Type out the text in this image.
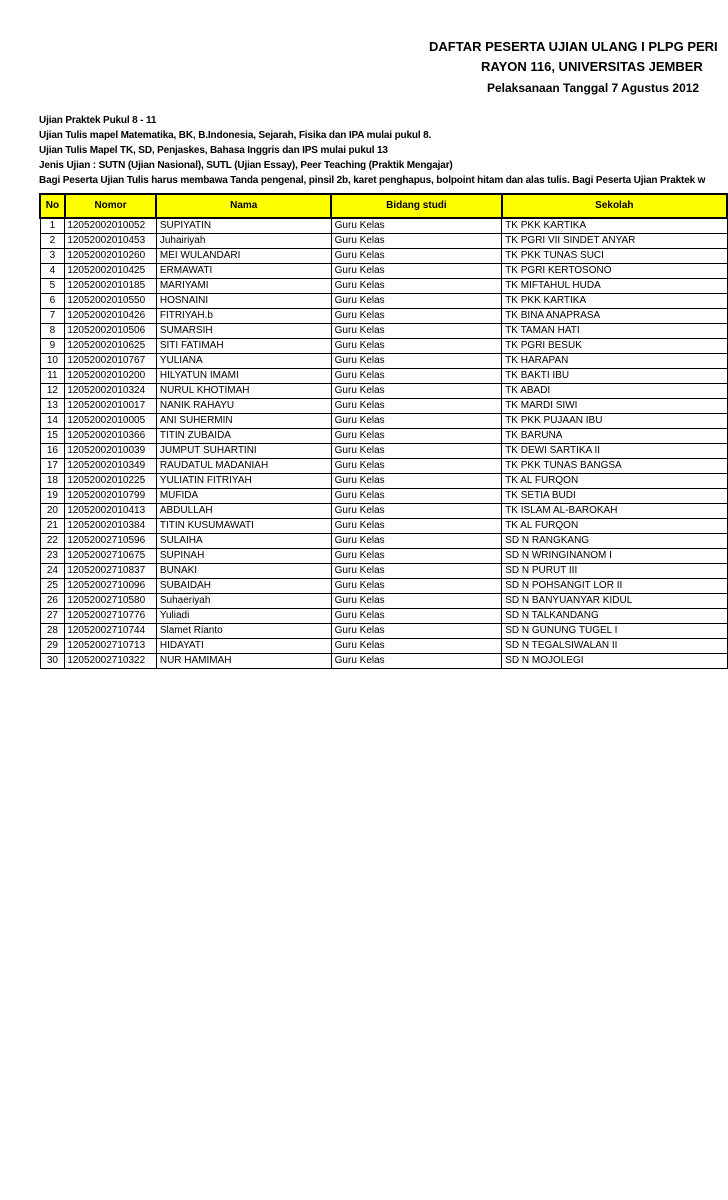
DAFTAR PESERTA UJIAN ULANG I PLPG PERI
RAYON 116, UNIVERSITAS JEMBER
Pelaksanaan Tanggal 7 Agustus 2012
Ujian Praktek Pukul 8 - 11
Ujian Tulis mapel Matematika, BK, B.Indonesia, Sejarah, Fisika dan IPA mulai pukul 8.
Ujian Tulis Mapel TK, SD, Penjaskes, Bahasa Inggris dan IPS mulai pukul 13
Jenis Ujian : SUTN (Ujian Nasional), SUTL (Ujian Essay), Peer Teaching (Praktik Mengajar)
Bagi Peserta Ujian Tulis harus membawa Tanda pengenal, pinsil 2b, karet penghapus, bolpoint hitam dan alas tulis. Bagi Peserta Ujian Praktek w
No	Nomor	Nama	Bidang studi	Sekolah
1	12052002010052	SUPIYATIN	Guru Kelas	TK PKK KARTIKA
2	12052002010453	Juhairiyah	Guru Kelas	TK PGRI VII SINDET ANYAR
3	12052002010260	MEI WULANDARI	Guru Kelas	TK PKK TUNAS SUCI
4	12052002010425	ERMAWATI	Guru Kelas	TK PGRI KERTOSONO
5	12052002010185	MARIYAMI	Guru Kelas	TK MIFTAHUL HUDA
6	12052002010550	HOSNAINI	Guru Kelas	TK PKK KARTIKA
7	12052002010426	FITRIYAH.b	Guru Kelas	TK BINA ANAPRASA
8	12052002010506	SUMARSIH	Guru Kelas	TK TAMAN HATI
9	12052002010625	SITI FATIMAH	Guru Kelas	TK PGRI BESUK
10	12052002010767	YULIANA	Guru Kelas	TK HARAPAN
11	12052002010200	HILYATUN IMAMI	Guru Kelas	TK BAKTI IBU
12	12052002010324	NURUL KHOTIMAH	Guru Kelas	TK ABADI
13	12052002010017	NANIK RAHAYU	Guru Kelas	TK MARDI SIWI
14	12052002010005	ANI SUHERMIN	Guru Kelas	TK PKK PUJAAN IBU
15	12052002010366	TITIN ZUBAIDA	Guru Kelas	TK BARUNA
16	12052002010039	JUMPUT SUHARTINI	Guru Kelas	TK DEWI SARTIKA II
17	12052002010349	RAUDATUL MADANIAH	Guru Kelas	TK PKK TUNAS BANGSA
18	12052002010225	YULIATIN FITRIYAH	Guru Kelas	TK AL FURQON
19	12052002010799	MUFIDA	Guru Kelas	TK SETIA BUDI
20	12052002010413	ABDULLAH	Guru Kelas	TK ISLAM AL-BAROKAH
21	12052002010384	TITIN KUSUMAWATI	Guru Kelas	TK AL FURQON
22	12052002710596	SULAIHA	Guru Kelas	SD N RANGKANG
23	12052002710675	SUPINAH	Guru Kelas	SD N WRINGINANOM I
24	12052002710837	BUNAKI	Guru Kelas	SD N PURUT III
25	12052002710096	SUBAIDAH	Guru Kelas	SD N POHSANGIT LOR II
26	12052002710580	Suhaeriyah	Guru Kelas	SD N BANYUANYAR KIDUL
27	12052002710776	Yuliadi	Guru Kelas	SD N TALKANDANG
28	12052002710744	Slamet Rianto	Guru Kelas	SD N GUNUNG TUGEL I
29	12052002710713	HIDAYATI	Guru Kelas	SD N TEGALSIWALAN II
30	12052002710322	NUR HAMIMAH	Guru Kelas	SD N MOJOLEGI
